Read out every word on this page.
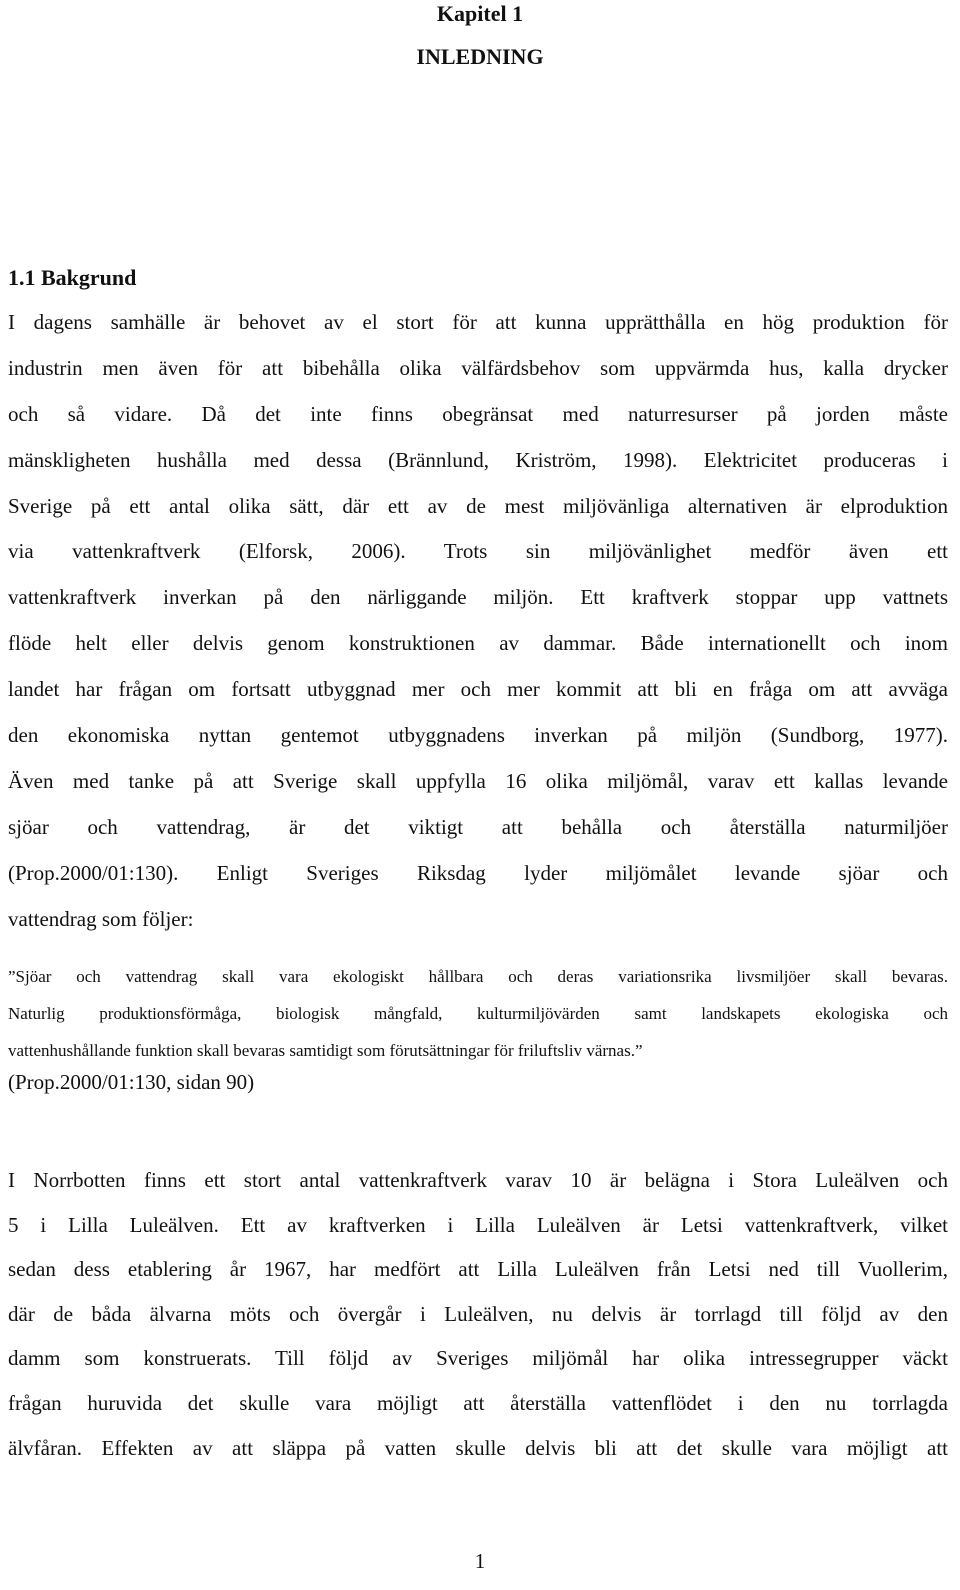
Kapitel 1
INLEDNING
1.1 Bakgrund
I dagens samhälle är behovet av el stort för att kunna upprätthålla en hög produktion för
industrin men även för att bibehålla olika välfärdsbehov som uppvärmda hus, kalla drycker
och så vidare. Då det inte finns obegränsat med naturresurser på jorden måste
mänskligheten hushålla med dessa (Brännlund, Kriström, 1998). Elektricitet produceras i
Sverige på ett antal olika sätt, där ett av de mest miljövänliga alternativen är elproduktion
via vattenkraftverk (Elforsk, 2006). Trots sin miljövänlighet medför även ett
vattenkraftverk inverkan på den närliggande miljön. Ett kraftverk stoppar upp vattnets
flöde helt eller delvis genom konstruktionen av dammar. Både internationellt och inom
landet har frågan om fortsatt utbyggnad mer och mer kommit att bli en fråga om att avväga
den ekonomiska nyttan gentemot utbyggnadens inverkan på miljön (Sundborg, 1977).
Även med tanke på att Sverige skall uppfylla 16 olika miljömål, varav ett kallas levande
sjöar och vattendrag, är det viktigt att behålla och återställa naturmiljöer
(Prop.2000/01:130). Enligt Sveriges Riksdag lyder miljömålet levande sjöar och
vattendrag som följer:
”Sjöar och vattendrag skall vara ekologiskt hållbara och deras variationsrika livsmiljöer skall bevaras.
Naturlig produktionsförmåga, biologisk mångfald, kulturmiljövärden samt landskapets ekologiska och
vattenhushållande funktion skall bevaras samtidigt som förutsättningar för friluftsliv värnas.”
(Prop.2000/01:130, sidan 90)
I Norrbotten finns ett stort antal vattenkraftverk varav 10 är belägna i Stora Luleälven och
5 i Lilla Luleälven. Ett av kraftverken i Lilla Luleälven är Letsi vattenkraftverk, vilket
sedan dess etablering år 1967, har medfört att Lilla Luleälven från Letsi ned till Vuollerim,
där de båda älvarna möts och övergår i Luleälven, nu delvis är torrlagd till följd av den
damm som konstruerats. Till följd av Sveriges miljömål har olika intressegrupper väckt
frågan huruvida det skulle vara möjligt att återställa vattenflödet i den nu torrlagda
älvfåran. Effekten av att släppa på vatten skulle delvis bli att det skulle vara möjligt att
1
